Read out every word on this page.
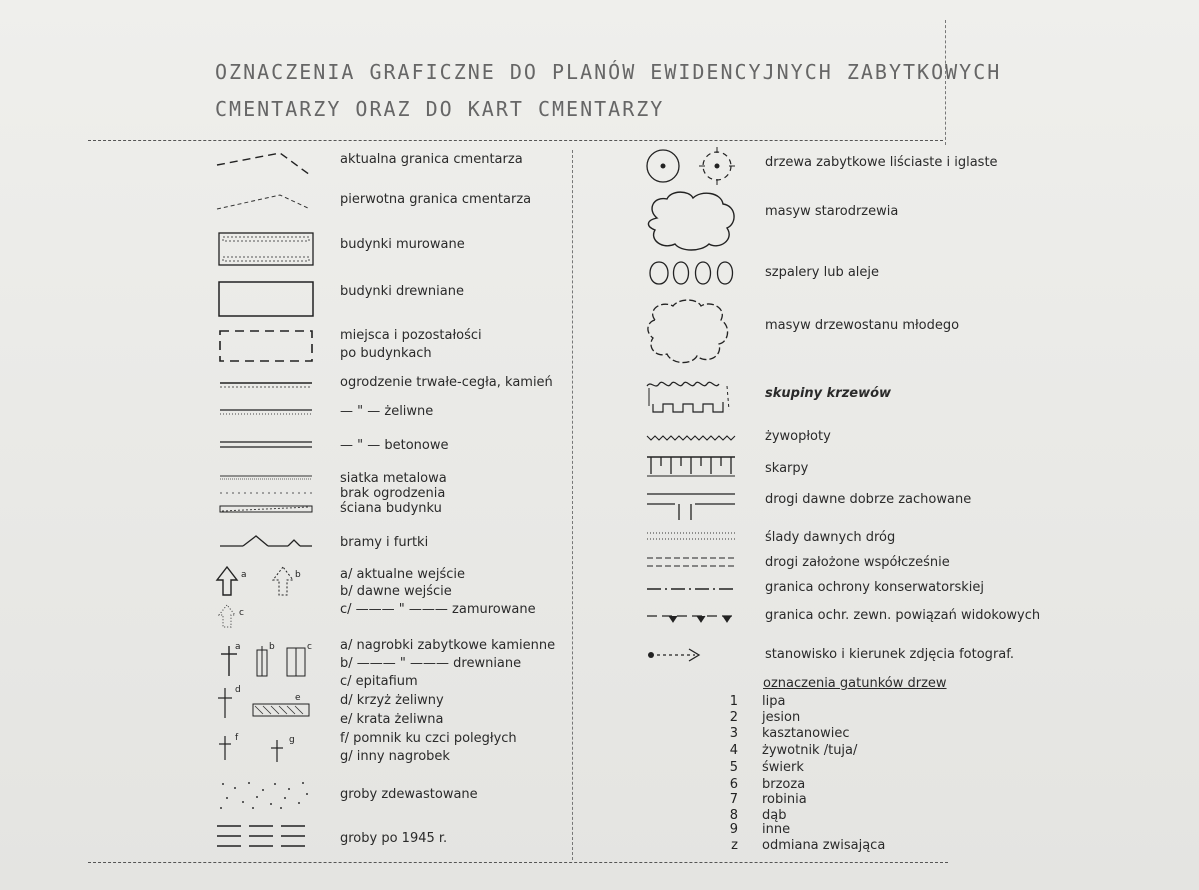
OZNACZENIA GRAFICZNE DO PLANÓW EWIDENCYJNYCH ZABYTKOWYCH
CMENTARZY ORAZ DO KART CMENTARZY
aktualna granica cmentarza
pierwotna granica cmentarza
budynki murowane
budynki drewniane
miejsca i pozostałości
po budynkach
ogrodzenie trwałe-cegła, kamień
— " — żeliwne
— " — betonowe
siatka metalowa
brak ogrodzenia
ściana budynku
bramy i furtki
a	b
c
a/ aktualne wejście
b/ dawne wejście
c/ ——— " ——— zamurowane
a	b	c
d
e
f	g
a/ nagrobki zabytkowe kamienne
b/ ——— " ——— drewniane
c/ epitafium
d/ krzyż żeliwny
e/ krata żeliwna
f/ pomnik ku czci poległych
g/ inny nagrobek
groby zdewastowane
groby po 1945 r.
drzewa zabytkowe liściaste i iglaste
masyw starodrzewia
szpalery lub aleje
masyw drzewostanu młodego
skupiny krzewów
żywopłoty
skarpy
drogi dawne dobrze zachowane
ślady dawnych dróg
drogi założone współcześnie
granica ochrony konserwatorskiej
granica ochr. zewn. powiązań widokowych
stanowisko i kierunek zdjęcia fotograf.
oznaczenia gatunków drzew
1 lipa
2 jesion
3 kasztanowiec
4 żywotnik /tuja/
5 świerk
6 brzoza
7 robinia
8 dąb
9 inne
z odmiana zwisająca
